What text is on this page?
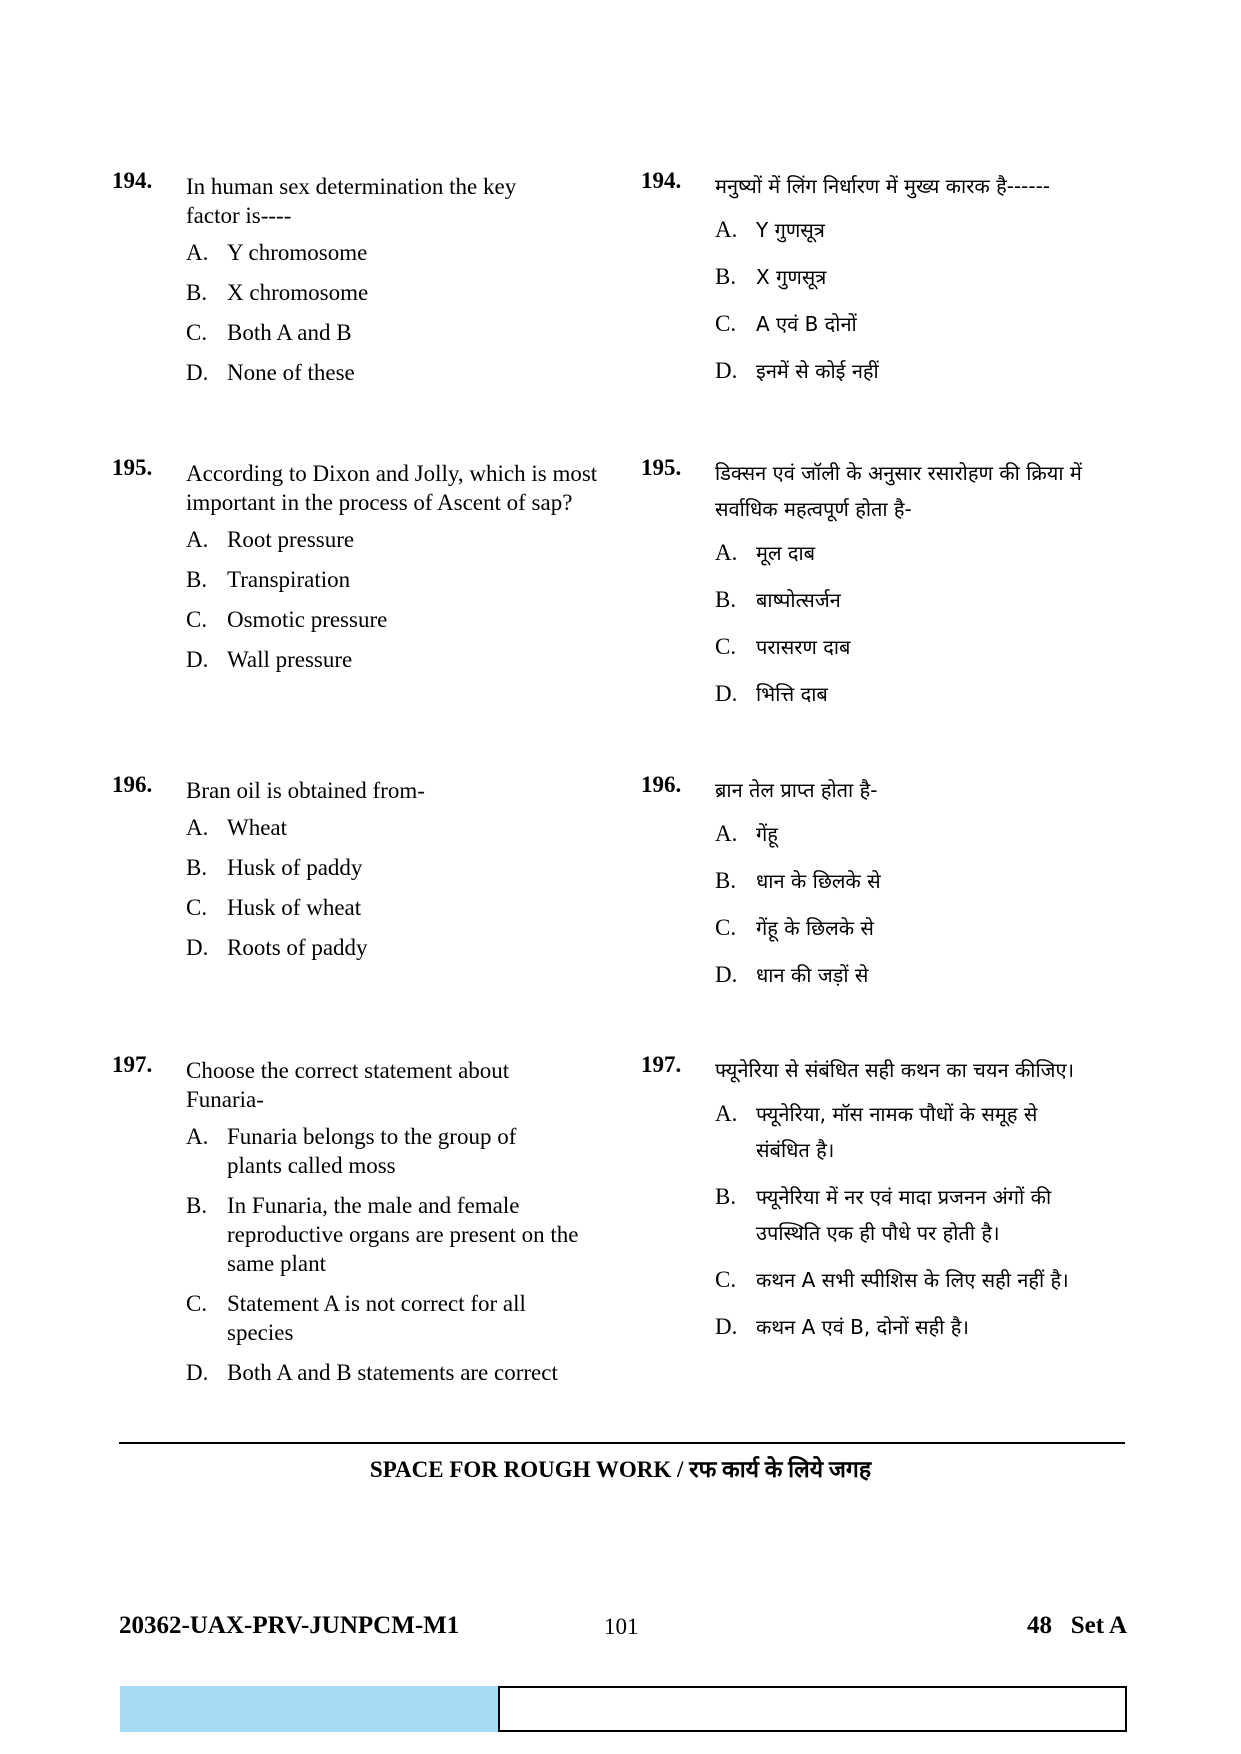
194. In human sex determination the key factor is----
A. Y chromosome
B. X chromosome
C. Both A and B
D. None of these
195. According to Dixon and Jolly, which is most important in the process of Ascent of sap?
A. Root pressure
B. Transpiration
C. Osmotic pressure
D. Wall pressure
196. Bran oil is obtained from-
A. Wheat
B. Husk of paddy
C. Husk of wheat
D. Roots of paddy
197. Choose the correct statement about Funaria-
A. Funaria belongs to the group of plants called moss
B. In Funaria, the male and female reproductive organs are present on the same plant
C. Statement A is not correct for all species
D. Both A and B statements are correct
194. मनुष्यों में लिंग निर्धारण में मुख्य कारक है------
A. Y गुणसूत्र
B. X गुणसूत्र
C. A एवं B दोनों
D. इनमें से कोई नहीं
195. डिक्सन एवं जॉली के अनुसार रसारोहण की क्रिया में सर्वाधिक महत्वपूर्ण होता है-
A. मूल दाब
B. बाष्पोत्सर्जन
C. परासरण दाब
D. भित्ति दाब
196. ब्रान तेल प्राप्त होता है-
A. गेंहू
B. धान के छिलके से
C. गेंहू के छिलके से
D. धान की जड़ों से
197. फ्यूनेरिया से संबंधित सही कथन का चयन कीजिए।
A. फ्यूनेरिया, मॉस नामक पौधों के समूह से संबंधित है।
B. फ्यूनेरिया में नर एवं मादा प्रजनन अंगों की उपस्थिति एक ही पौधे पर होती है।
C. कथन A सभी स्पीशिस के लिए सही नहीं है।
D. कथन A एवं B, दोनों सही है।
SPACE FOR ROUGH WORK / रफ कार्य के लिये जगह
20362-UAX-PRV-JUNPCM-M1	101	48   Set A
